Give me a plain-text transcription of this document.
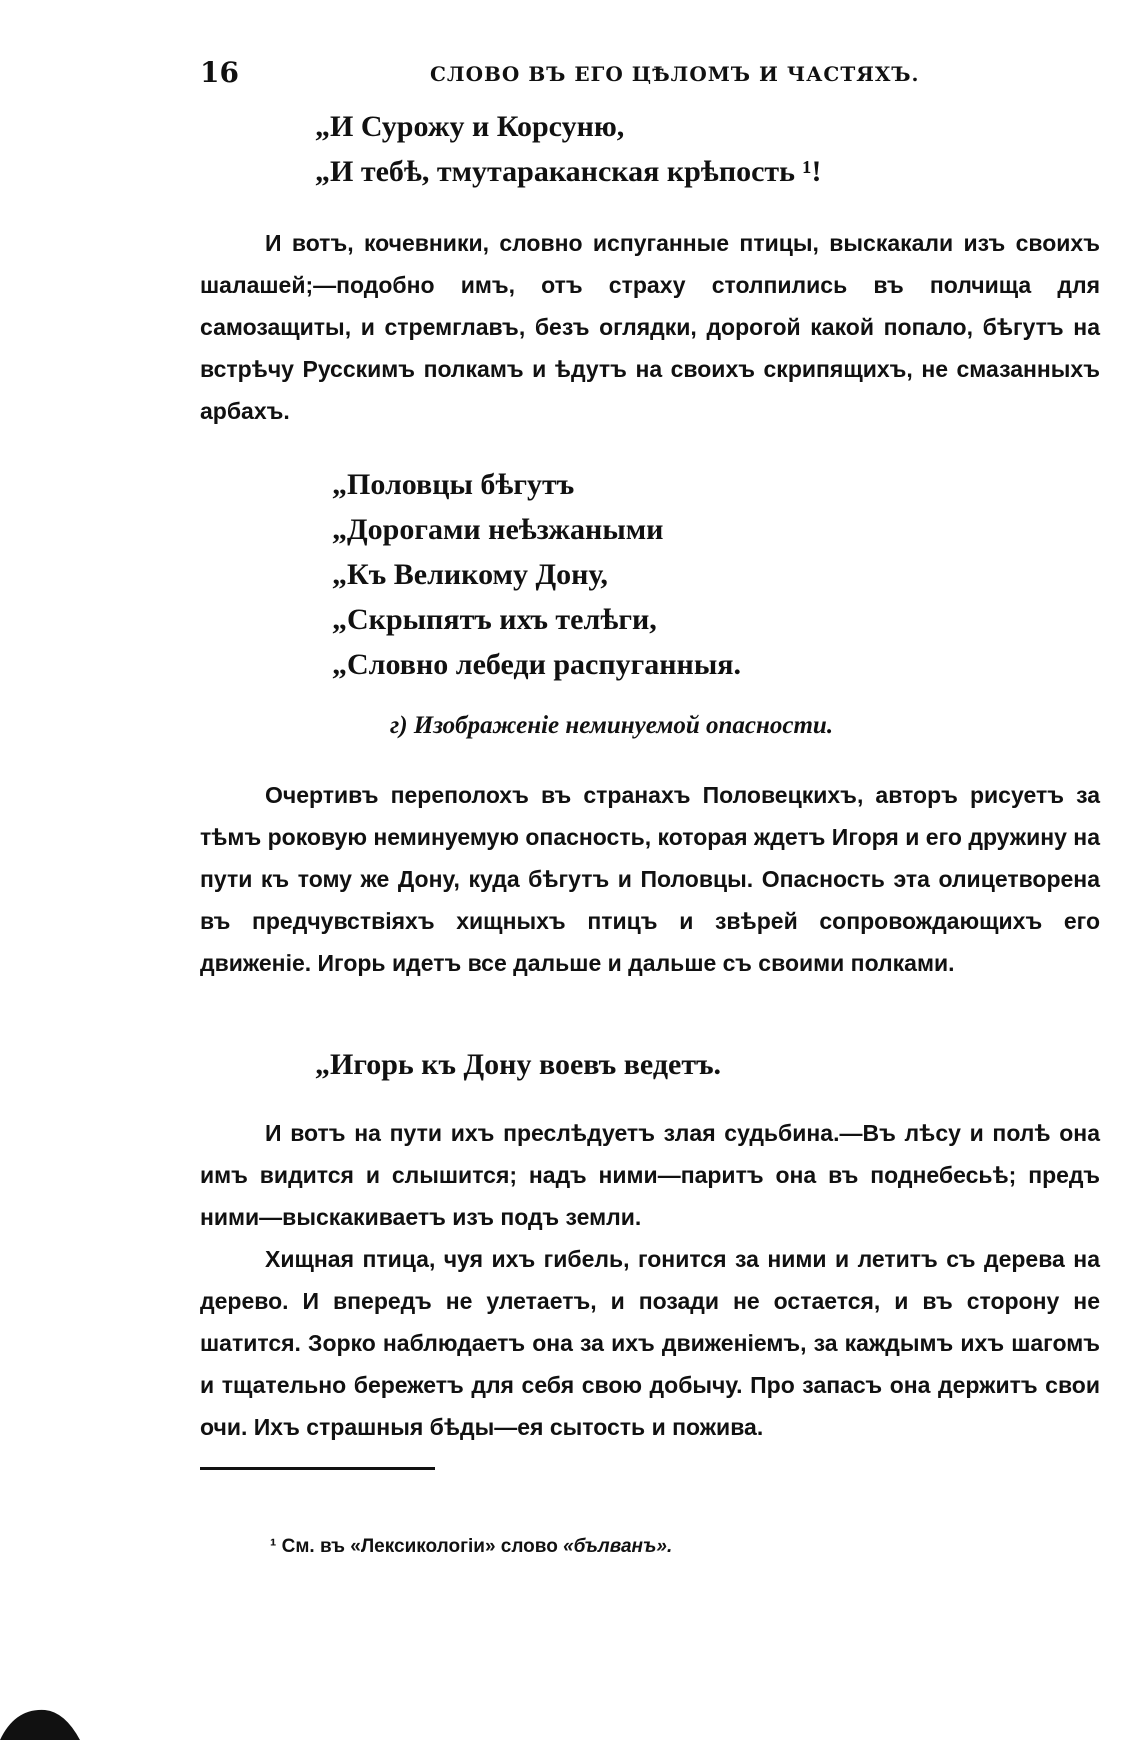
16	СЛОВО ВЪ ЕГО ЦѢЛОМЪ И ЧАСТЯХЪ.
„И Сурожу и Корсуню,
„И тебѣ, тмутараканская крѣпость ¹!

И вотъ, кочевники, словно испуганные птицы, выскакали изъ своихъ шалашей;—подобно имъ, отъ страху столпились въ полчища для самозащиты, и стремглавъ, безъ оглядки, дорогой какой попало, бѣгутъ на встрѣчу Русскимъ полкамъ и ѣдутъ на своихъ скрипящихъ, не смазанныхъ арбахъ.

„Половцы бѣгутъ
„Дорогами неѣзжаными
„Къ Великому Дону,
„Скрыпятъ ихъ телѣги,
„Словно лебеди распуганныя.
г) Изображеніе неминуемой опасности.

Очертивъ переполохъ въ странахъ Половецкихъ, авторъ рисуетъ за тѣмъ роковую неминуемую опасность, которая ждетъ Игоря и его дружину на пути къ тому же Дону, куда бѣгутъ и Половцы. Опасность эта олицетворена въ предчувствіяхъ хищныхъ птицъ и звѣрей сопровождающихъ его движеніе. Игорь идетъ все дальше и дальше съ своими полками.

„Игорь къ Дону воевъ ведетъ.

И вотъ на пути ихъ преслѣдуетъ злая судьбина.—Въ лѣсу и полѣ она имъ видится и слышится; надъ ними—паритъ она въ поднебесьѣ; предъ ними—выскакиваетъ изъ подъ земли.

Хищная птица, чуя ихъ гибель, гонится за ними и летитъ съ дерева на дерево. И впередъ не улетаетъ, и позади не остается, и въ сторону не шатится. Зорко наблюдаетъ она за ихъ движеніемъ, за каждымъ ихъ шагомъ и тщательно бережетъ для себя свою добычу. Про запасъ она держитъ свои очи. Ихъ страшныя бѣды—ея сытость и пожива.

¹ См. въ «Лексикологіи» слово «бълванъ».
